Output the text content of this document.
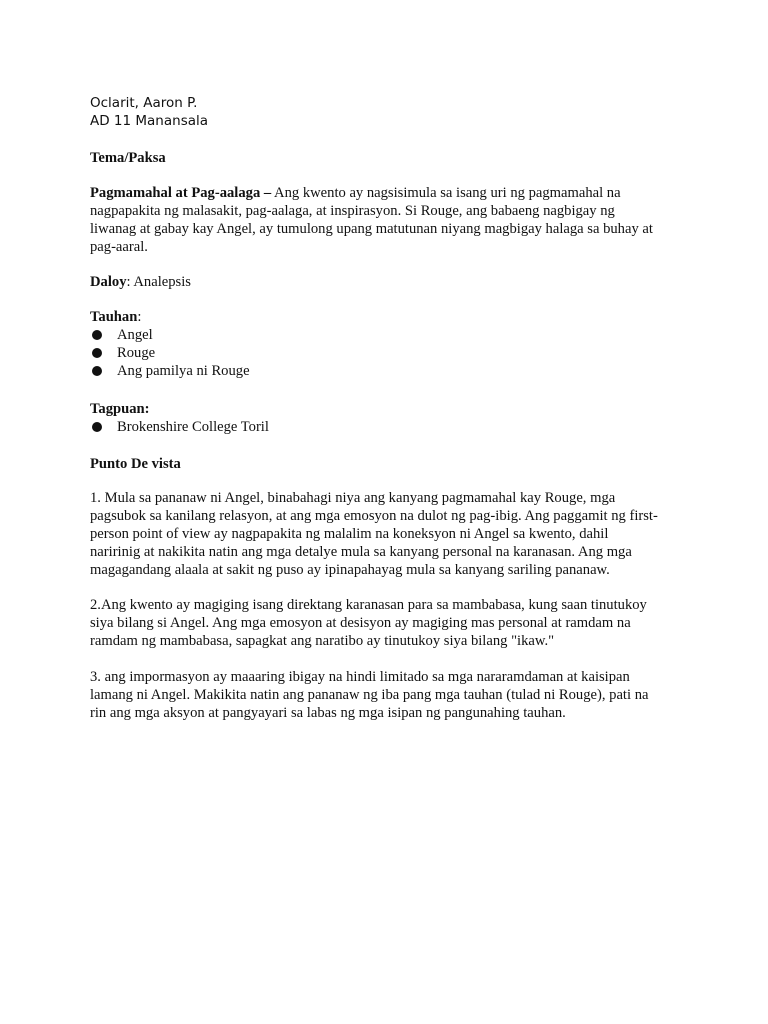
Oclarit, Aaron P.
AD 11 Manansala
Tema/Paksa
Pagmamahal at Pag-aalaga – Ang kwento ay nagsisimula sa isang uri ng pagmamahal na
nagpapakita ng malasakit, pag-aalaga, at inspirasyon. Si Rouge, ang babaeng nagbigay ng
liwanag at gabay kay Angel, ay tumulong upang matutunan niyang magbigay halaga sa buhay at
pag-aaral.
Daloy: Analepsis
Tauhan:
Angel
Rouge
Ang pamilya ni Rouge
Tagpuan:
Brokenshire College Toril
Punto De vista
1. Mula sa pananaw ni Angel, binabahagi niya ang kanyang pagmamahal kay Rouge, mga
pagsubok sa kanilang relasyon, at ang mga emosyon na dulot ng pag-ibig. Ang paggamit ng first-
person point of view ay nagpapakita ng malalim na koneksyon ni Angel sa kwento, dahil
naririnig at nakikita natin ang mga detalye mula sa kanyang personal na karanasan. Ang mga
magagandang alaala at sakit ng puso ay ipinapahayag mula sa kanyang sariling pananaw.
2.Ang kwento ay magiging isang direktang karanasan para sa mambabasa, kung saan tinutukoy
siya bilang si Angel. Ang mga emosyon at desisyon ay magiging mas personal at ramdam na
ramdam ng mambabasa, sapagkat ang naratibo ay tinutukoy siya bilang "ikaw."
3. ang impormasyon ay maaaring ibigay na hindi limitado sa mga nararamdaman at kaisipan
lamang ni Angel. Makikita natin ang pananaw ng iba pang mga tauhan (tulad ni Rouge), pati na
rin ang mga aksyon at pangyayari sa labas ng mga isipan ng pangunahing tauhan.
